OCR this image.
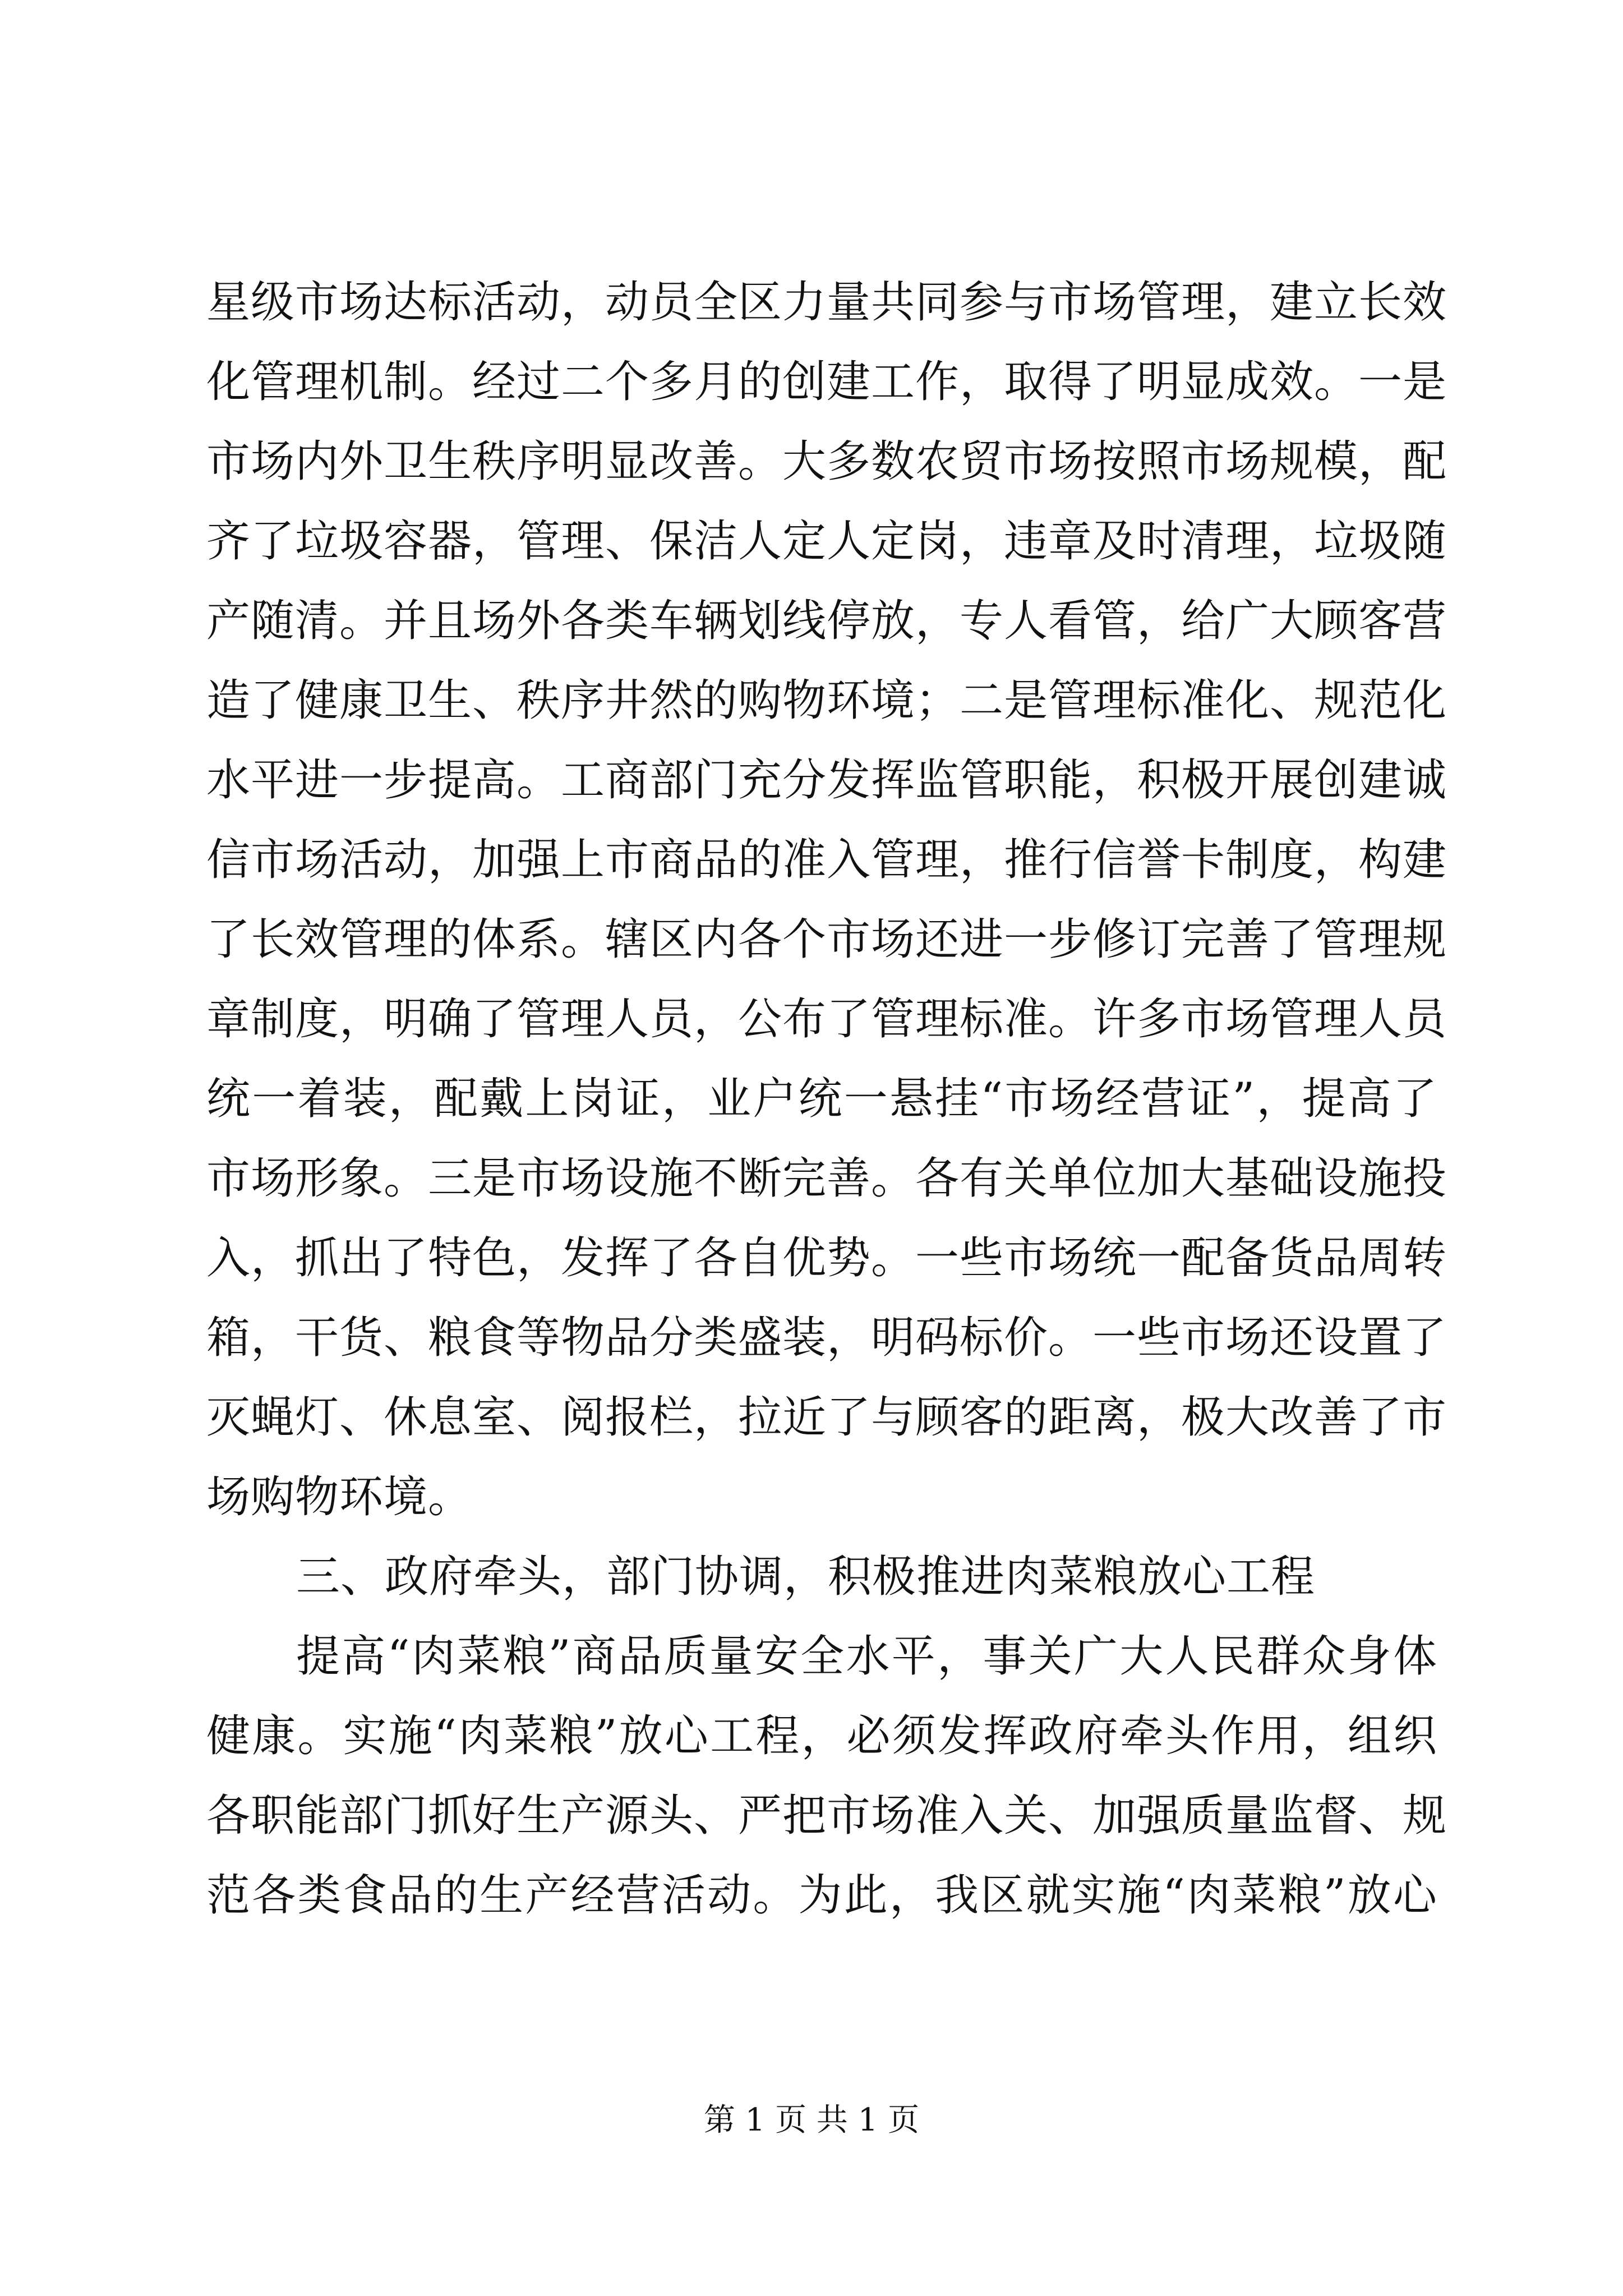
星级市场达标活动，动员全区力量共同参与市场管理，建立长效
化管理机制。经过二个多月的创建工作，取得了明显成效。一是
市场内外卫生秩序明显改善。大多数农贸市场按照市场规模，配
齐了垃圾容器，管理、保洁人定人定岗，违章及时清理，垃圾随
产随清。并且场外各类车辆划线停放，专人看管，给广大顾客营
造了健康卫生、秩序井然的购物环境；二是管理标准化、规范化
水平进一步提高。工商部门充分发挥监管职能，积极开展创建诚
信市场活动，加强上市商品的准入管理，推行信誉卡制度，构建
了长效管理的体系。辖区内各个市场还进一步修订完善了管理规
章制度，明确了管理人员，公布了管理标准。许多市场管理人员
统一着装，配戴上岗证，业户统一悬挂“市场经营证”，提高了
市场形象。三是市场设施不断完善。各有关单位加大基础设施投
入，抓出了特色，发挥了各自优势。一些市场统一配备货品周转
箱，干货、粮食等物品分类盛装，明码标价。一些市场还设置了
灭蝇灯、休息室、阅报栏，拉近了与顾客的距离，极大改善了市
场购物环境。
三、政府牵头，部门协调，积极推进肉菜粮放心工程
提高“肉菜粮”商品质量安全水平，事关广大人民群众身体
健康。实施“肉菜粮”放心工程，必须发挥政府牵头作用，组织
各职能部门抓好生产源头、严把市场准入关、加强质量监督、规
范各类食品的生产经营活动。为此，我区就实施“肉菜粮”放心
第 1 页 共 1 页
